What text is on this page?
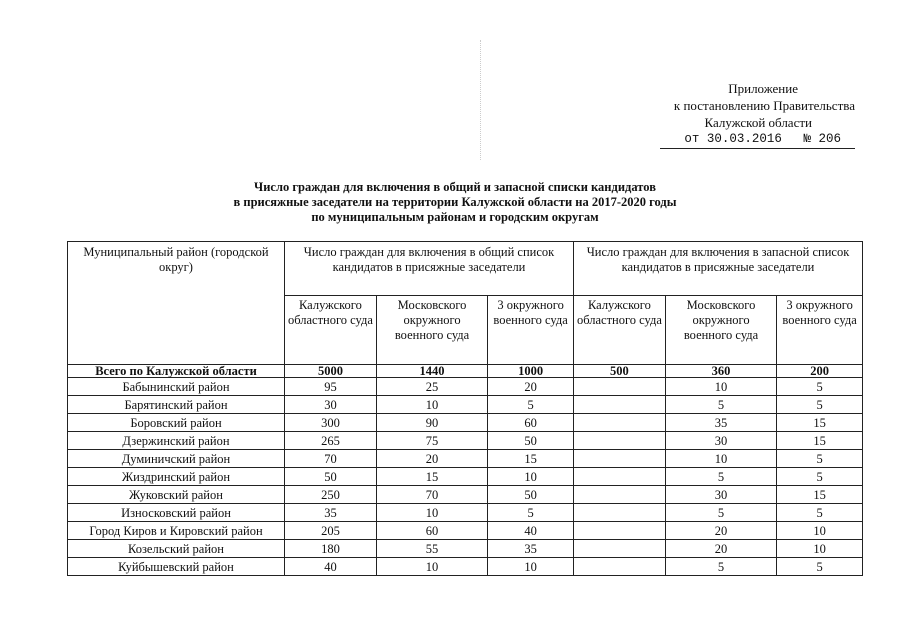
Приложение
к постановлению Правительства
Калужской области
от 30.03.2016 № 206
Число граждан для включения в общий и запасной списки кандидатов
в присяжные заседатели на территории Калужской области на 2017-2020 годы
по муниципальным районам и городским округам
Муниципальный район (городской округ)	Число граждан для включения в общий список кандидатов в присяжные заседатели			Число граждан для включения в запасной список кандидатов в присяжные заседатели		
	Калужского областного суда	Московского окружного военного суда	3 окружного военного суда	Калужского областного суда	Московского окружного военного суда	3 окружного военного суда
Всего по Калужской области	5000	1440	1000	500	360	200
Бабынинский район	95	25	20		10	5
Барятинский район	30	10	5		5	5
Боровский район	300	90	60		35	15
Дзержинский район	265	75	50		30	15
Думиничский район	70	20	15		10	5
Жиздринский район	50	15	10		5	5
Жуковский район	250	70	50		30	15
Износковский район	35	10	5		5	5
Город Киров и Кировский район	205	60	40		20	10
Козельский район	180	55	35		20	10
Куйбышевский район	40	10	10		5	5
